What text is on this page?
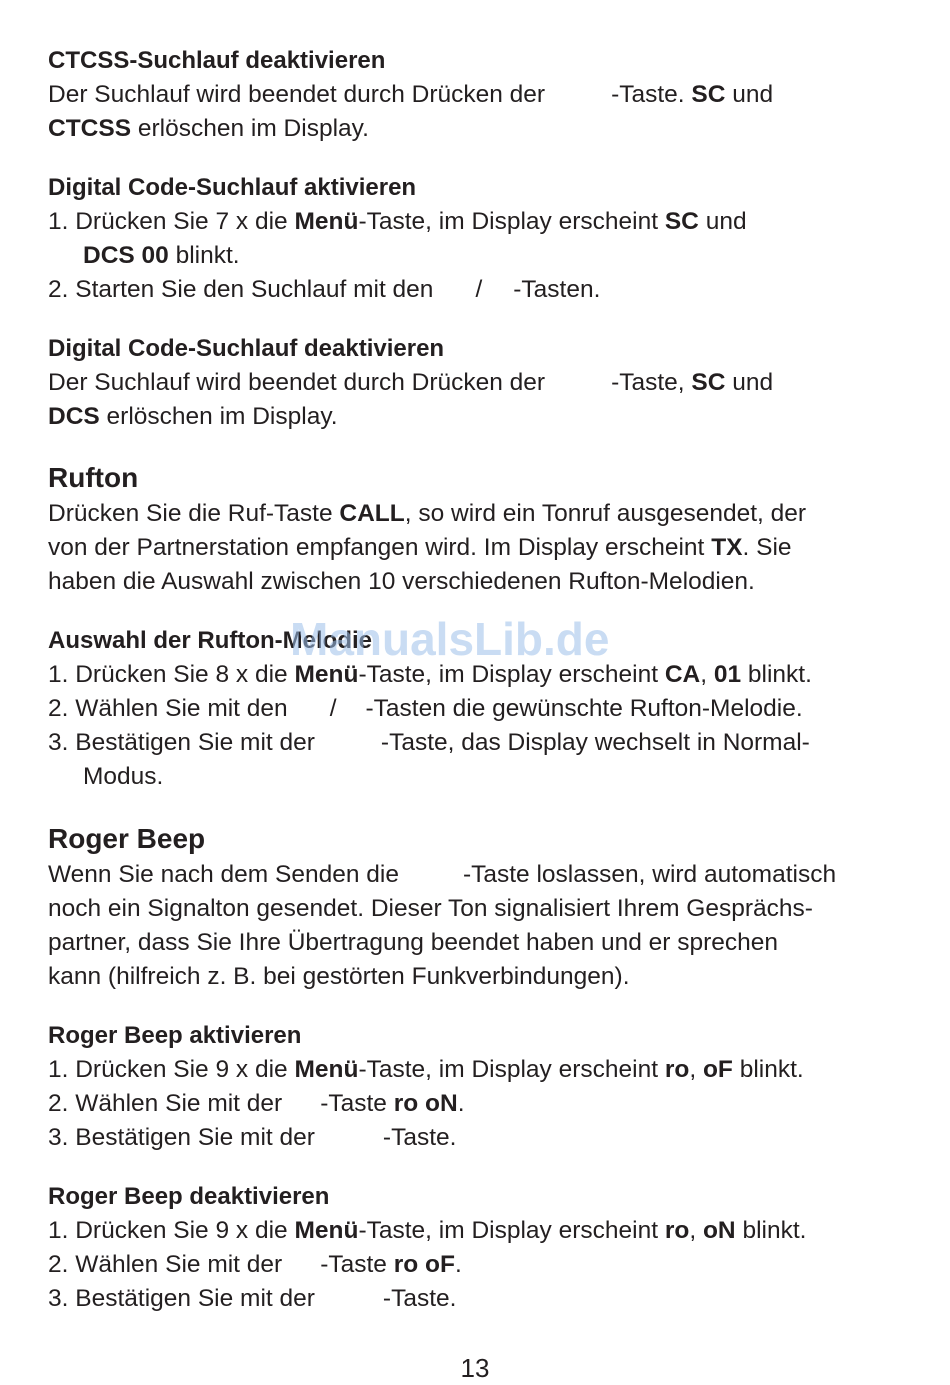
CTCSS-Suchlauf deaktivieren
Der Suchlauf wird beendet durch Drücken der	-Taste. SC und
CTCSS erlöschen im Display.
Digital Code-Suchlauf aktivieren
1. Drücken Sie 7 x die Menü-Taste, im Display erscheint SC und
DCS 00 blinkt.
2. Starten Sie den Suchlauf mit den / -Tasten.
Digital Code-Suchlauf deaktivieren
Der Suchlauf wird beendet durch Drücken der	-Taste, SC und
DCS erlöschen im Display.
Rufton
Drücken Sie die Ruf-Taste CALL, so wird ein Tonruf ausgesendet, der
von der Partnerstation empfangen wird. Im Display erscheint TX. Sie
haben die Auswahl zwischen 10 verschiedenen Rufton-Melodien.
Auswahl der Rufton-Melodie
1. Drücken Sie 8 x die Menü-Taste, im Display erscheint CA, 01 blinkt.
2. Wählen Sie mit den / -Tasten die gewünschte Rufton-Melodie.
3. Bestätigen Sie mit der	-Taste, das Display wechselt in Normal-
Modus.
Roger Beep
Wenn Sie nach dem Senden die	-Taste loslassen, wird automatisch
noch ein Signalton gesendet. Dieser Ton signalisiert Ihrem Gesprächs-
partner, dass Sie Ihre Übertragung beendet haben und er sprechen
kann (hilfreich z. B. bei gestörten Funkverbindungen).
Roger Beep aktivieren
1. Drücken Sie 9 x die Menü-Taste, im Display erscheint ro, oF blinkt.
2. Wählen Sie mit der -Taste ro oN.
3. Bestätigen Sie mit der	-Taste.
Roger Beep deaktivieren
1. Drücken Sie 9 x die Menü-Taste, im Display erscheint ro, oN blinkt.
2. Wählen Sie mit der -Taste ro oF.
3. Bestätigen Sie mit der	-Taste.
ManualsLib.de
13
